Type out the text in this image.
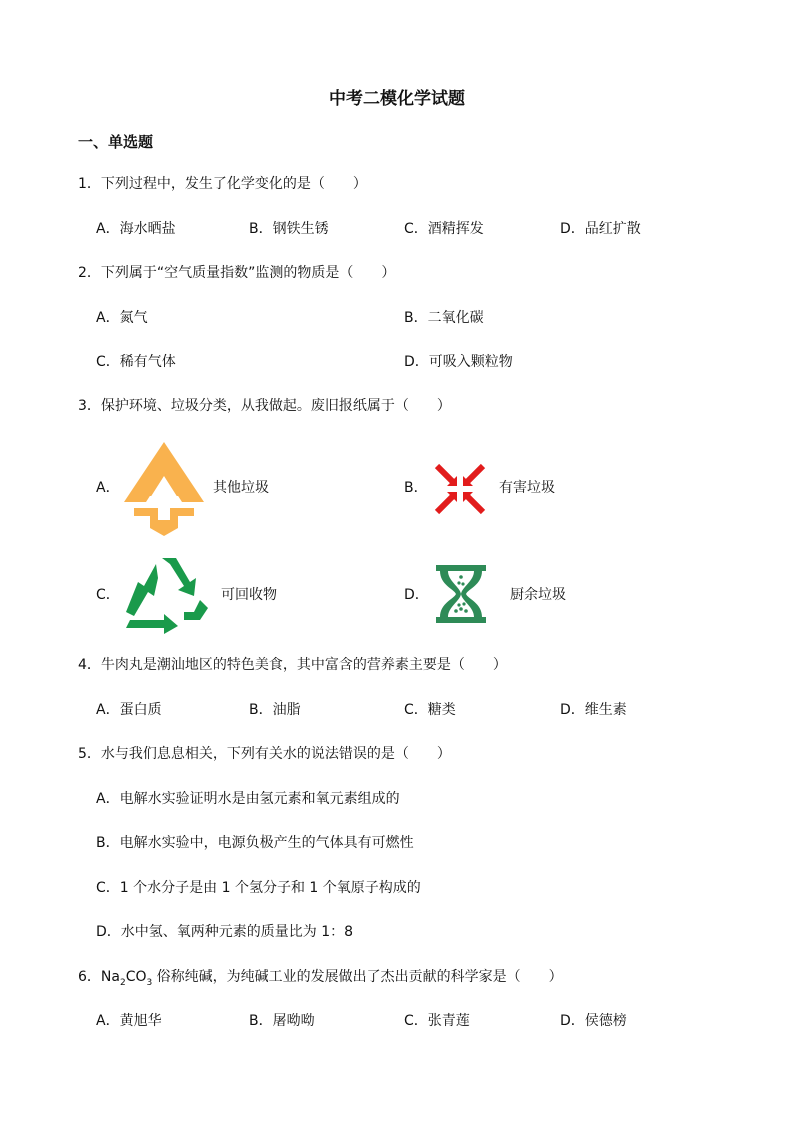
中考二模化学试题
一、单选题
1．下列过程中，发生了化学变化的是（　　）
A．海水晒盐	B．钢铁生锈	C．酒精挥发	D．品红扩散
2．下列属于“空气质量指数”监测的物质是（　　）
A．氮气	B．二氧化碳
C．稀有气体	D．可吸入颗粒物
3．保护环境、垃圾分类，从我做起。废旧报纸属于（　　）
A．	其他垃圾	B．	有害垃圾
C．	可回收物	D．	厨余垃圾
4．牛肉丸是潮汕地区的特色美食，其中富含的营养素主要是（　　）
A．蛋白质	B．油脂	C．糖类	D．维生素
5．水与我们息息相关，下列有关水的说法错误的是（　　）
A．电解水实验证明水是由氢元素和氧元素组成的
B．电解水实验中，电源负极产生的气体具有可燃性
C．1 个水分子是由 1 个氢分子和 1 个氧原子构成的
D．水中氢、氧两种元素的质量比为 1：8
6．$Na_2CO_3$ 俗称纯碱，为纯碱工业的发展做出了杰出贡献的科学家是（　　）
A．黄旭华	B．屠呦呦	C．张青莲	D．侯德榜
